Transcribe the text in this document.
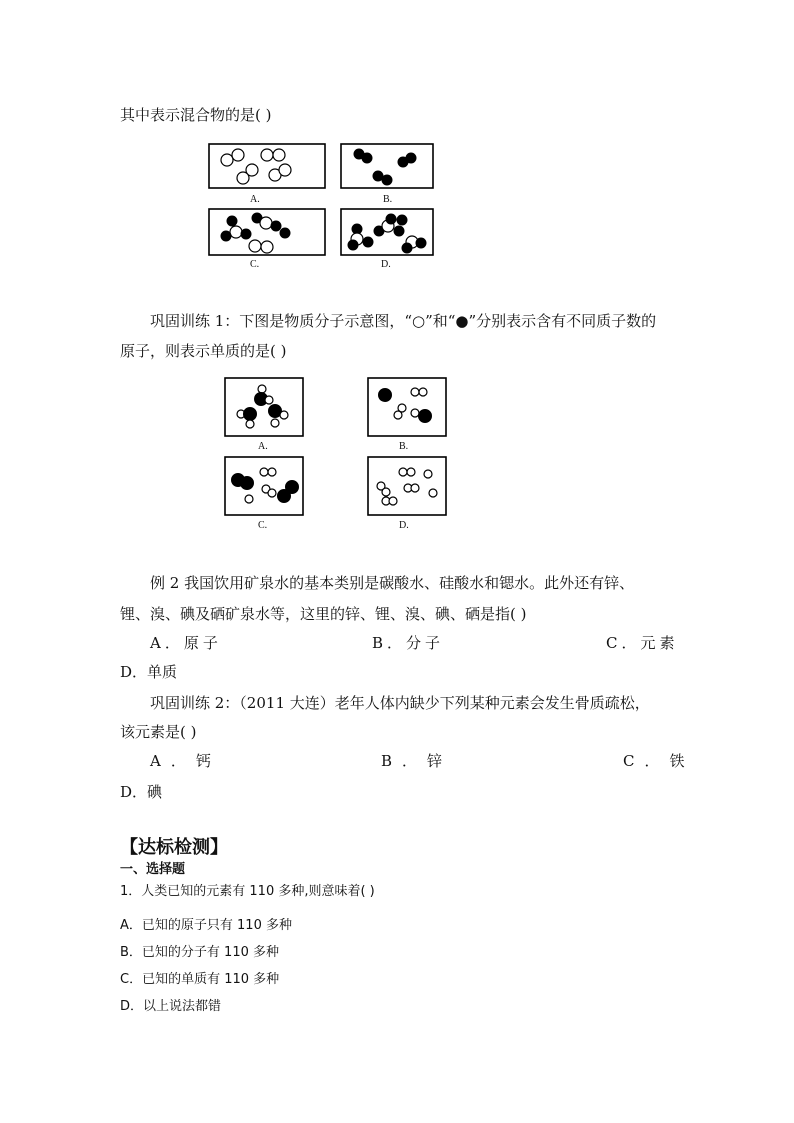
其中表示混合物的是( )
A.	B.
C.	D.
巩固训练 1：下图是物质分子示意图，“○”和“●”分别表示含有不同质子数的
原子，则表示单质的是( )
A.	B.
C.	D.
例 2 我国饮用矿泉水的基本类别是碳酸水、硅酸水和锶水。此外还有锌、
锂、溴、碘及硒矿泉水等，这里的锌、锂、溴、碘、硒是指( )
A．原子	B．分子	C．元素
D．单质
巩固训练 2：（2011 大连）老年人体内缺少下列某种元素会发生骨质疏松，
该元素是( )
A．钙	B．锌	C．铁
D．碘
【达标检测】
一、选择题
1．人类已知的元素有 110 多种,则意味着( )
A．已知的原子只有 110 多种
B．已知的分子有 110 多种
C．已知的单质有 110 多种
D．以上说法都错
